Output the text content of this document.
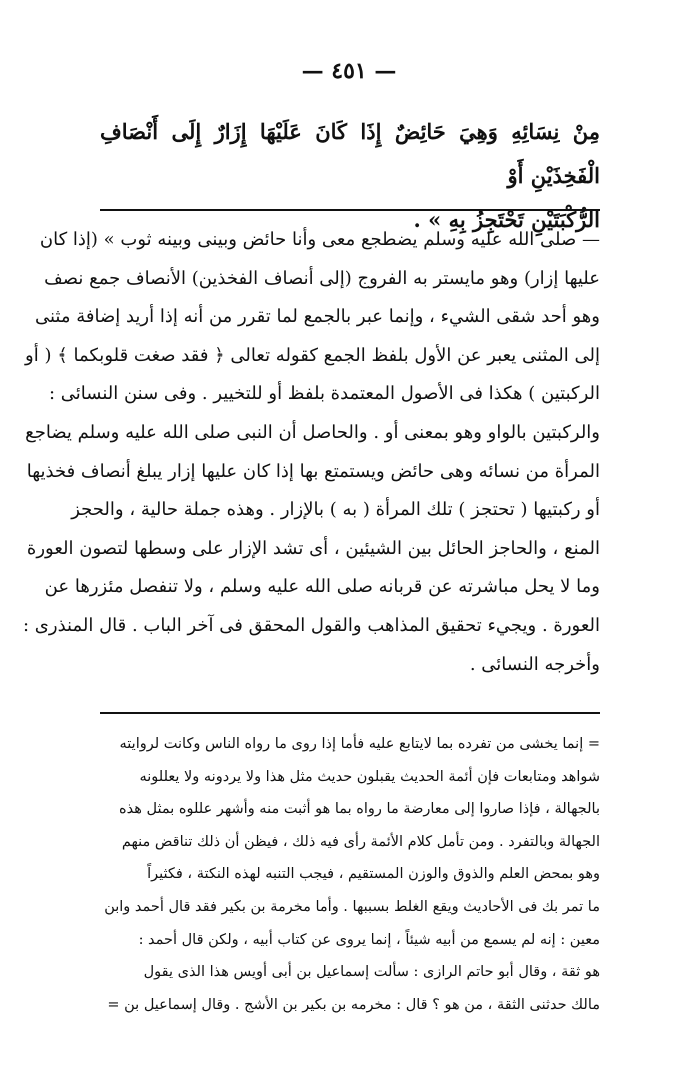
— ٤٥١ —

مِنْ نِسَائِهِ وَهِيَ حَائِضٌ إِذَا كَانَ عَلَيْهَا إِزَارٌ إِلَى أَنْصَافِ الْفَخِذَيْنِ أَوْ

الرُّكْبَتَيْنِ تَحْتَجِزُ بِهِ » .

— صلى الله عليه وسلم يضطجع معى وأنا حائض وبينى وبينه ثوب » (إذا كان

عليها إزار) وهو مايستر به الفروج (إلى أنصاف الفخذين) الأنصاف جمع نصف

وهو أحد شقى الشيء ، وإنما عبر بالجمع لما تقرر من أنه إذا أريد إضافة مثنى

إلى المثنى يعبر عن الأول بلفظ الجمع كقوله تعالى ﴿ فقد صغت قلوبكما ﴾ ( أو

الركبتين ) هكذا فى الأصول المعتمدة بلفظ أو للتخيير . وفى سنن النسائى :

والركبتين بالواو وهو بمعنى أو . والحاصل أن النبى صلى الله عليه وسلم يضاجع

المرأة من نسائه وهى حائض ويستمتع بها إذا كان عليها إزار يبلغ أنصاف فخذيها

أو ركبتيها ( تحتجز ) تلك المرأة ( به ) بالإزار . وهذه جملة حالية ، والحجز

المنع ، والحاجز الحائل بين الشيئين ، أى تشد الإزار على وسطها لتصون العورة

وما لا يحل مباشرته عن قربانه صلى الله عليه وسلم ، ولا تنفصل مئزرها عن

العورة . ويجيء تحقيق المذاهب والقول المحقق فى آخر الباب . قال المنذرى :

وأخرجه النسائى .

= إنما يخشى من تفرده بما لايتابع عليه فأما إذا روى ما رواه الناس وكانت لروايته

شواهد ومتابعات فإن أئمة الحديث يقبلون حديث مثل هذا ولا يردونه ولا يعللونه

بالجهالة ، فإذا صاروا إلى معارضة ما رواه بما هو أثبت منه وأشهر عللوه بمثل هذه

الجهالة وبالتفرد . ومن تأمل كلام الأئمة رأى فيه ذلك ، فيظن أن ذلك تناقض منهم

وهو بمحض العلم والذوق والوزن المستقيم ، فيجب التنبه لهذه النكتة ، فكثيراً

ما تمر بك فى الأحاديث ويقع الغلط بسببها . وأما مخرمة بن بكير فقد قال أحمد وابن

معين : إنه لم يسمع من أبيه شيئاً ، إنما يروى عن كتاب أبيه ، ولكن قال أحمد :

هو ثقة ، وقال أبو حاتم الرازى : سألت إسماعيل بن أبى أويس هذا الذى يقول

مالك حدثنى الثقة ، من هو ؟ قال : مخرمه بن بكير بن الأشج . وقال إسماعيل بن =
